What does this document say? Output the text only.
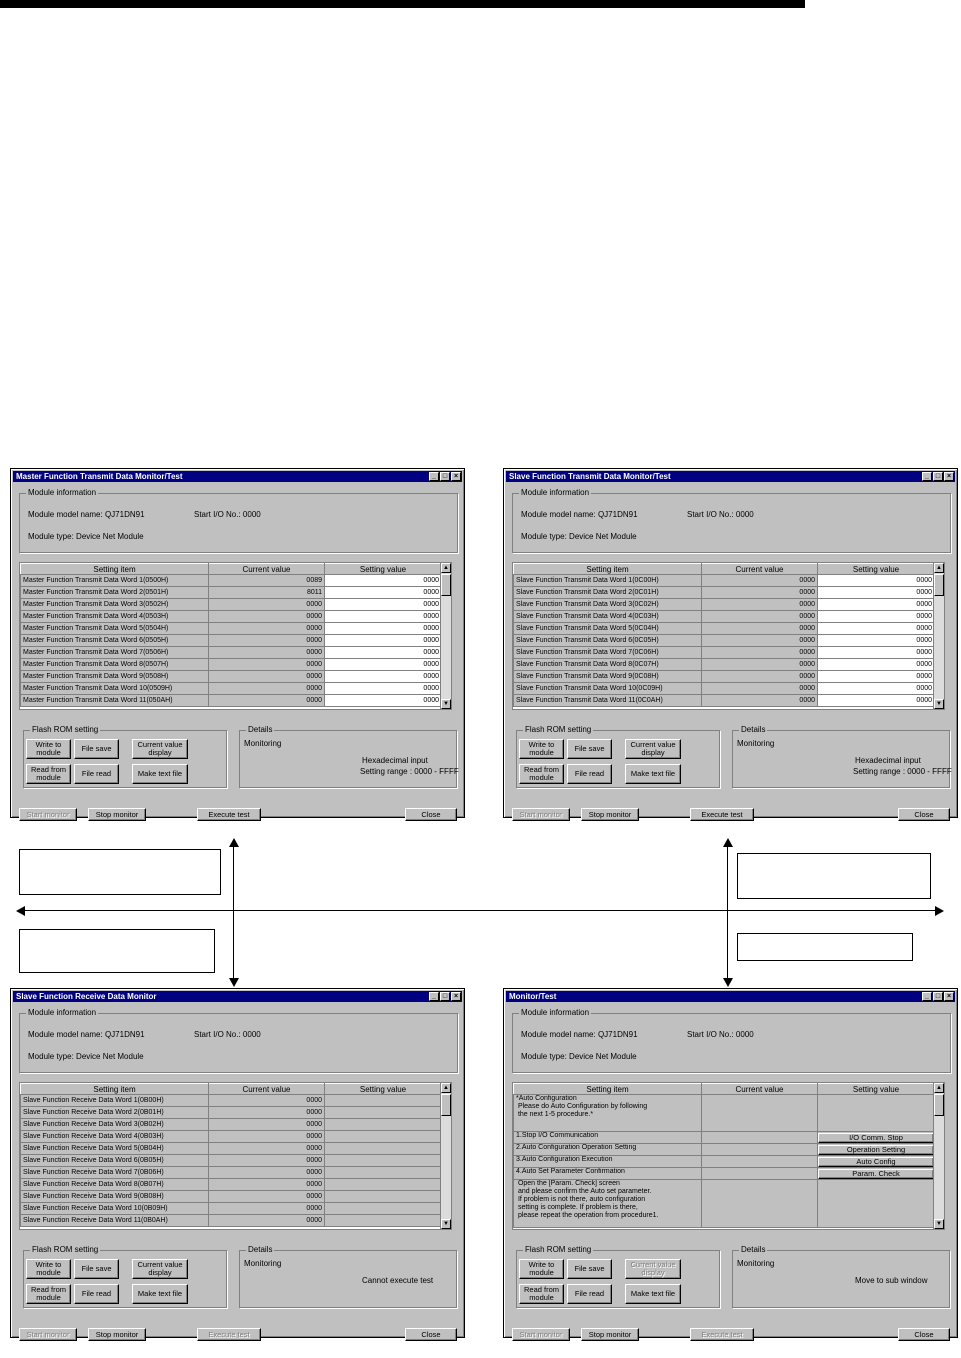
Master Function Transmit Data Monitor/Test	_ □ ×
Module information
Module model name: QJ71DN91	Start I/O No.: 0000
Module type: Device Net Module
Setting item	Current value	Setting value
Master Function Transmit Data Word 1(0500H)	0089	0000
Master Function Transmit Data Word 2(0501H)	8011	0000
Master Function Transmit Data Word 3(0502H)	0000	0000
Master Function Transmit Data Word 4(0503H)	0000	0000
Master Function Transmit Data Word 5(0504H)	0000	0000
Master Function Transmit Data Word 6(0505H)	0000	0000
Master Function Transmit Data Word 7(0506H)	0000	0000
Master Function Transmit Data Word 8(0507H)	0000	0000
Master Function Transmit Data Word 9(0508H)	0000	0000
Master Function Transmit Data Word 10(0509H)	0000	0000
Master Function Transmit Data Word 11(050AH)	0000	0000
▲
▼
Flash ROM setting
Write to module	File save	Current value display
Read from module	File read	Make text file
Details
Monitoring
Hexadecimal input
Setting range : 0000 - FFFF
Start monitor	Stop monitor	Execute test	Close
Slave Function Transmit Data Monitor/Test	_ □ ×
Module information
Module model name: QJ71DN91	Start I/O No.: 0000
Module type: Device Net Module
Setting item	Current value	Setting value
Slave Function Transmit Data Word 1(0C00H)	0000	0000
Slave Function Transmit Data Word 2(0C01H)	0000	0000
Slave Function Transmit Data Word 3(0C02H)	0000	0000
Slave Function Transmit Data Word 4(0C03H)	0000	0000
Slave Function Transmit Data Word 5(0C04H)	0000	0000
Slave Function Transmit Data Word 6(0C05H)	0000	0000
Slave Function Transmit Data Word 7(0C06H)	0000	0000
Slave Function Transmit Data Word 8(0C07H)	0000	0000
Slave Function Transmit Data Word 9(0C08H)	0000	0000
Slave Function Transmit Data Word 10(0C09H)	0000	0000
Slave Function Transmit Data Word 11(0C0AH)	0000	0000
▲
▼
Flash ROM setting
Write to module	File save	Current value display
Read from module	File read	Make text file
Details
Monitoring
Hexadecimal input
Setting range : 0000 - FFFF
Start monitor	Stop monitor	Execute test	Close
Slave Function Receive Data Monitor	_ □ ×
Module information
Module model name: QJ71DN91	Start I/O No.: 0000
Module type: Device Net Module
Setting item	Current value	Setting value
Slave Function Receive Data Word 1(0B00H)	0000	
Slave Function Receive Data Word 2(0B01H)	0000	
Slave Function Receive Data Word 3(0B02H)	0000	
Slave Function Receive Data Word 4(0B03H)	0000	
Slave Function Receive Data Word 5(0B04H)	0000	
Slave Function Receive Data Word 6(0B05H)	0000	
Slave Function Receive Data Word 7(0B06H)	0000	
Slave Function Receive Data Word 8(0B07H)	0000	
Slave Function Receive Data Word 9(0B08H)	0000	
Slave Function Receive Data Word 10(0B09H)	0000	
Slave Function Receive Data Word 11(0B0AH)	0000	
▲
▼
Flash ROM setting
Write to module	File save	Current value display
Read from module	File read	Make text file
Details
Monitoring
Cannot execute test
Start monitor	Stop monitor	Execute test	Close
Monitor/Test	_ □ ×
Module information
Module model name: QJ71DN91	Start I/O No.: 0000
Module type: Device Net Module
Setting item	Current value	Setting value
*Auto Configuration
Please do Auto Configuration by following
the next 1-5 procedure.*		
1.Stop I/O Communication		I/O Comm. Stop

2.Auto Configuration Operation Setting		Operation Setting

3.Auto Configuration Execution		Auto Config

4.Auto Set Parameter Confirmation		Param. Check

Open the [Param. Check] screen
and please confirm the Auto set parameter.
If problem is not there, auto configuration
setting is complete. If problem is there,
please repeat the operation from procedure1.		
▲
▼
Flash ROM setting
Write to module	File save	Current value display
Read from module	File read	Make text file
Details
Monitoring
Move to sub window
Start monitor	Stop monitor	Execute test	Close
